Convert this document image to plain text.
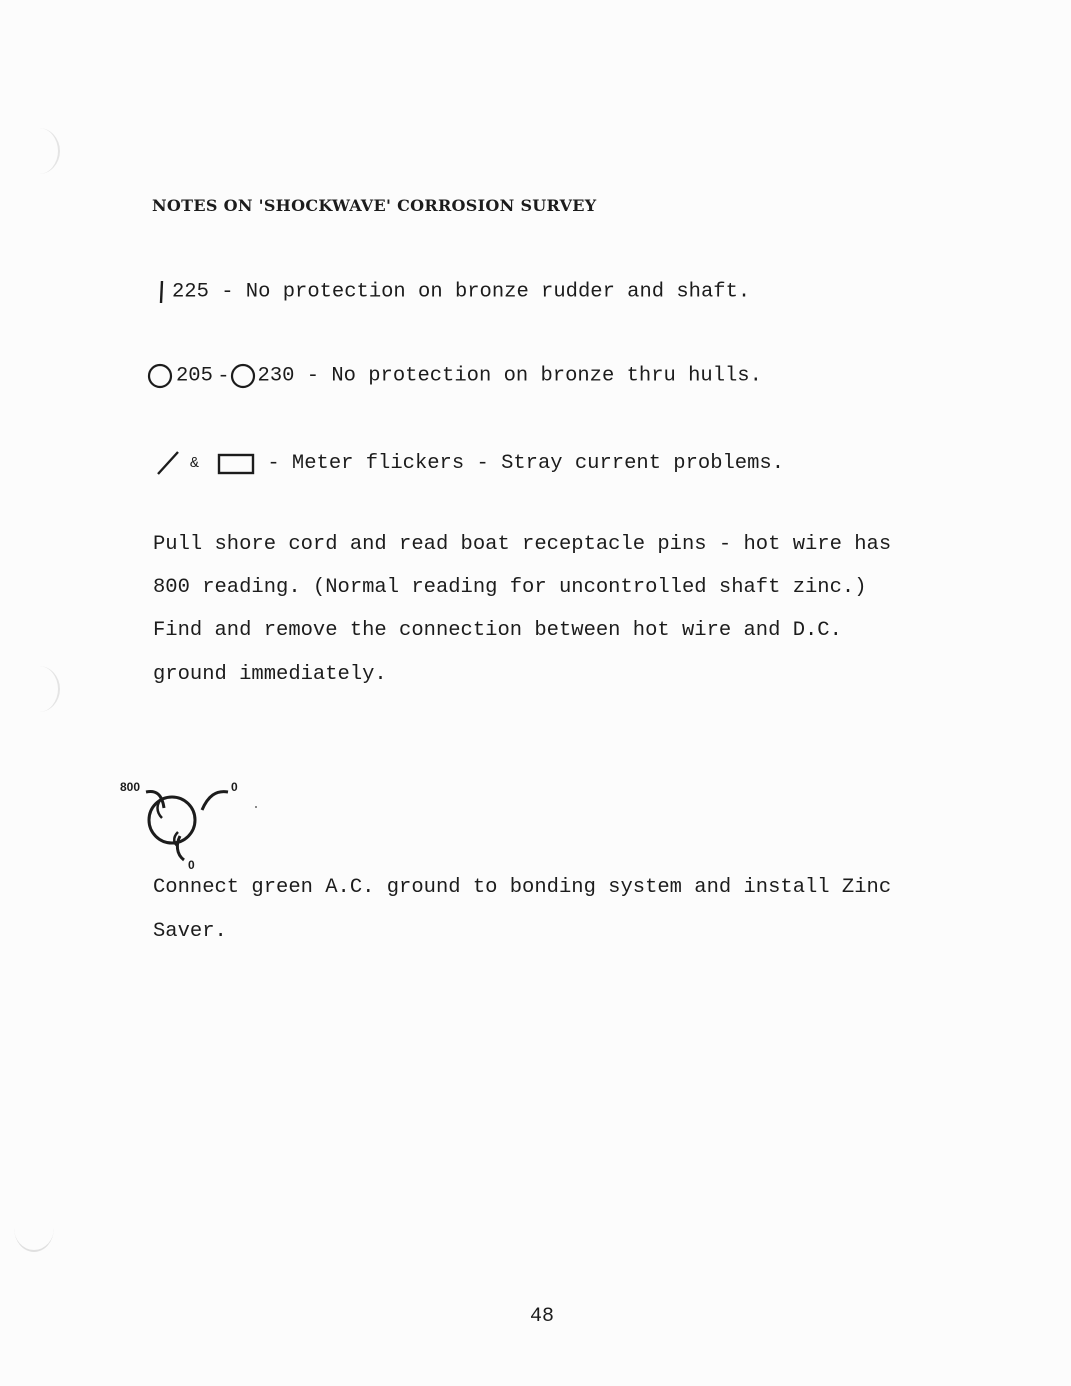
NOTES ON 'SHOCKWAVE' CORROSION SURVEY
225 - No protection on bronze rudder and shaft.
205 - 230 - No protection on bronze thru hulls.
&	- Meter flickers - Stray current problems.
Pull shore cord and read boat receptacle pins - hot wire has
800 reading. (Normal reading for uncontrolled shaft zinc.)
Find and remove the connection between hot wire and D.C.
ground immediately.
800	0
0
Connect green A.C. ground to bonding system and install Zinc
Saver.
48
